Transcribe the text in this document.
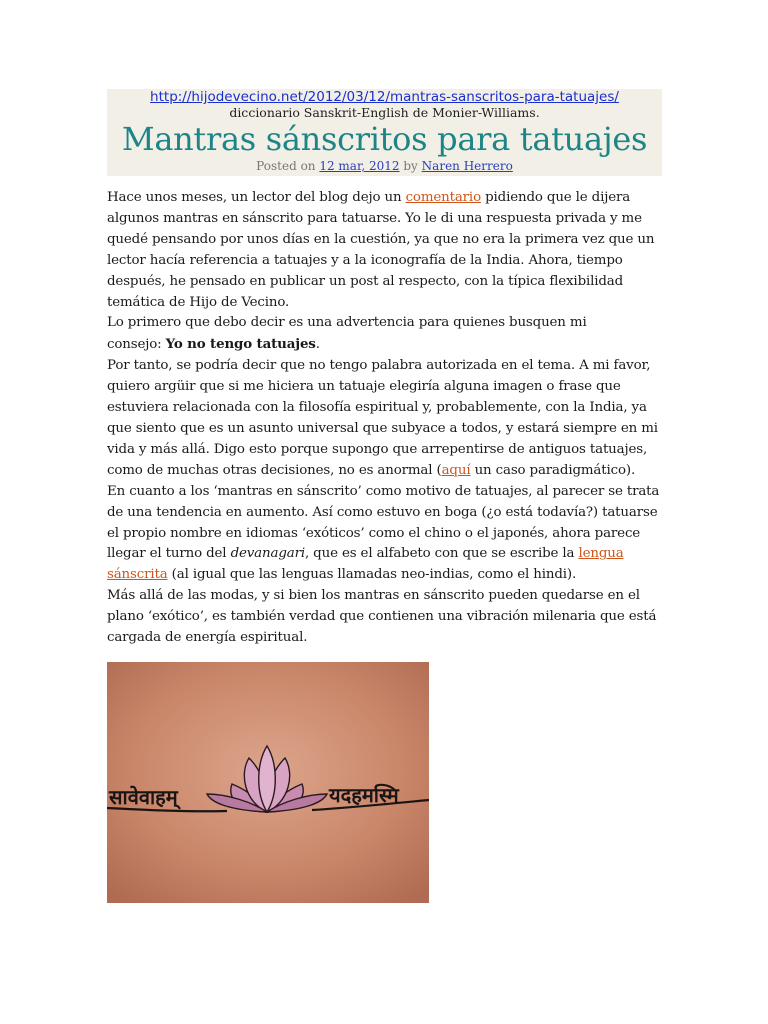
http://hijodevecino.net/2012/03/12/mantras-sanscritos-para-tatuajes/
diccionario Sanskrit-English de Monier-Williams.
Mantras sánscritos para tatuajes
Posted on 12 mar, 2012 by Naren Herrero
Hace unos meses, un lector del blog dejo un comentario pidiendo que le dijera
algunos mantras en sánscrito para tatuarse. Yo le di una respuesta privada y me
quedé pensando por unos días en la cuestión, ya que no era la primera vez que un
lector hacía referencia a tatuajes y a la iconografía de la India. Ahora, tiempo
después, he pensado en publicar un post al respecto, con la típica flexibilidad
temática de Hijo de Vecino.
Lo primero que debo decir es una advertencia para quienes busquen mi
consejo: Yo no tengo tatuajes.
Por tanto, se podría decir que no tengo palabra autorizada en el tema. A mi favor,
quiero argüir que si me hiciera un tatuaje elegiría alguna imagen o frase que
estuviera relacionada con la filosofía espiritual y, probablemente, con la India, ya
que siento que es un asunto universal que subyace a todos, y estará siempre en mi
vida y más allá. Digo esto porque supongo que arrepentirse de antiguos tatuajes,
como de muchas otras decisiones, no es anormal (aquí un caso paradigmático).
En cuanto a los ‘mantras en sánscrito’ como motivo de tatuajes, al parecer se trata
de una tendencia en aumento. Así como estuvo en boga (¿o está todavía?) tatuarse
el propio nombre en idiomas ‘exóticos’ como el chino o el japonés, ahora parece
llegar el turno del devanagari, que es el alfabeto con que se escribe la lengua
sánscrita (al igual que las lenguas llamadas neo-indias, como el hindi).
Más allá de las modas, y si bien los mantras en sánscrito pueden quedarse en el
plano ‘exótico’, es también verdad que contienen una vibración milenaria que está
cargada de energía espiritual.
सावेवाहम्	यदहमस्मि
